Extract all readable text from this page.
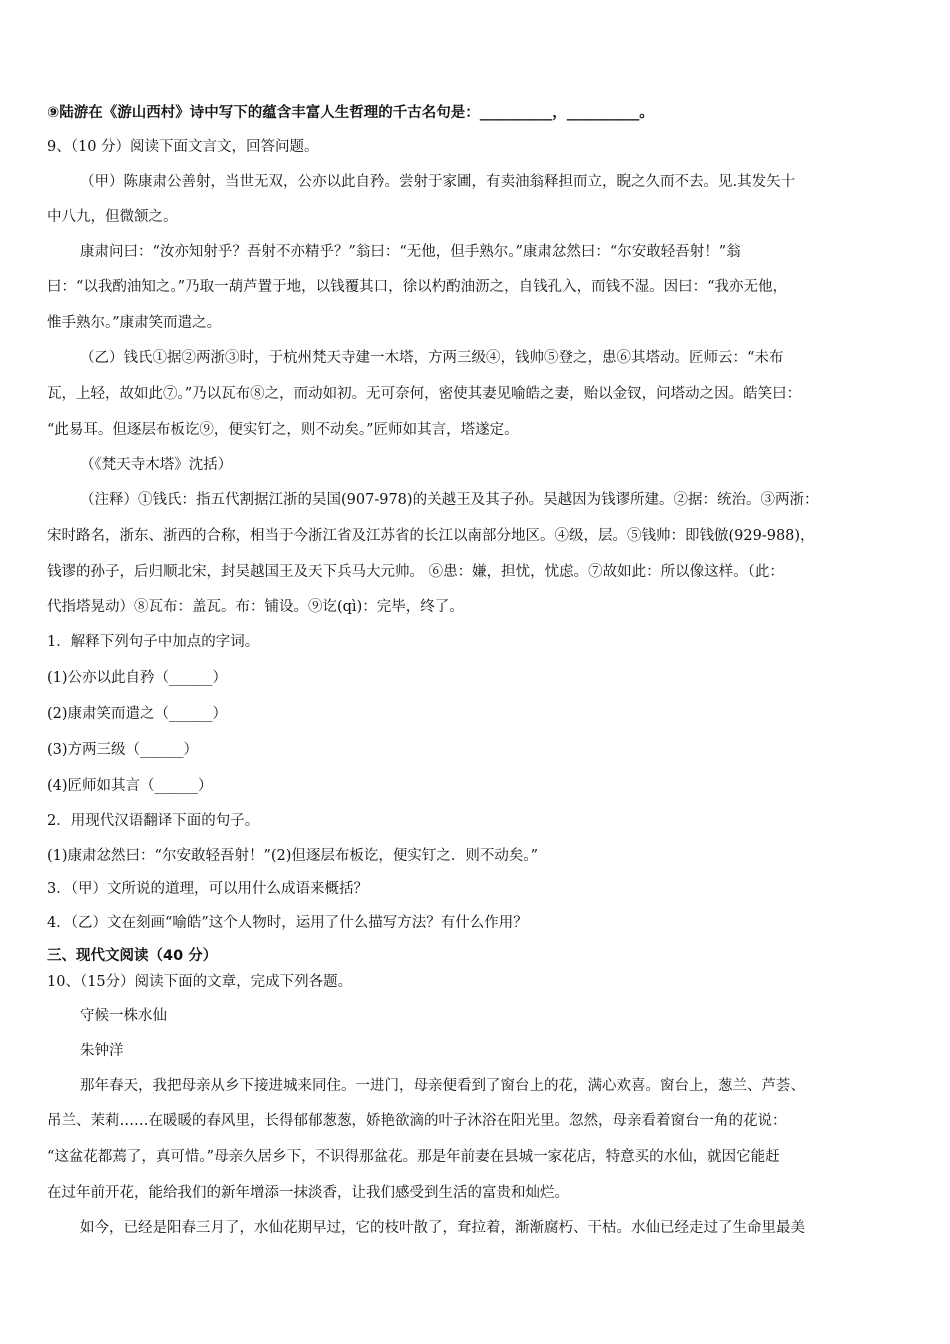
⑨陆游在《游山西村》诗中写下的蕴含丰富人生哲理的千古名句是：__________，__________。
9、（10 分）阅读下面文言文，回答问题。
（甲）陈康肃公善射，当世无双，公亦以此自矜。尝射于家圃，有卖油翁释担而立，睨之久而不去。见.其发矢十
中八九，但微颔之。
康肃问曰：“汝亦知射乎？吾射不亦精乎？”翁曰：“无他，但手熟尔。”康肃忿然曰：“尔安敢轻吾射！”翁
曰：“以我酌油知之。”乃取一葫芦置于地，以钱覆其口，徐以杓酌油沥之，自钱孔入，而钱不湿。因曰：“我亦无他，
惟手熟尔。”康肃笑而遣之。
（乙）钱氏①据②两浙③时，于杭州梵天寺建一木塔，方两三级④，钱帅⑤登之，患⑥其塔动。匠师云：“未布
瓦，上轻，故如此⑦。”乃以瓦布⑧之，而动如初。无可奈何，密使其妻见喻皓之妻，贻以金钗，问塔动之因。皓笑曰：
“此易耳。但逐层布板讫⑨，便实钉之，则不动矣。”匠师如其言，塔遂定。
（《梵天寺木塔》沈括）
（注释）①钱氏：指五代割据江浙的吴国(907-978)的关越王及其子孙。吴越因为钱谬所建。②据：统治。③两浙：
宋时路名，浙东、浙西的合称，相当于今浙江省及江苏省的长江以南部分地区。④级，层。⑤钱帅：即钱倣(929-988)，
钱谬的孙子，后归顺北宋，封吴越国王及天下兵马大元帅。 ⑥患：嫌，担忧，忧虑。⑦故如此：所以像这样。（此：
代指塔晃动）⑧瓦布：盖瓦。布：铺设。⑨讫(qì)：完毕，终了。
1．解释下列句子中加点的字词。
(1)公亦以此自矜（______）
(2)康肃笑而遣之（______）
(3)方两三级（______）
(4)匠师如其言（______）
2．用现代汉语翻译下面的句子。
(1)康肃忿然曰：“尔安敢轻吾射！”(2)但逐层布板讫，便实钉之．则不动矣。”
3．（甲）文所说的道理，可以用什么成语来概括？
4．（乙）文在刻画“喻皓”这个人物时，运用了什么描写方法？有什么作用？
三、现代文阅读（40 分）
10、（15分）阅读下面的文章，完成下列各题。
守候一株水仙
朱钟洋
那年春天，我把母亲从乡下接进城来同住。一进门，母亲便看到了窗台上的花，满心欢喜。窗台上，葱兰、芦荟、
吊兰、茉莉……在暖暖的春风里，长得郁郁葱葱，娇艳欲滴的叶子沐浴在阳光里。忽然，母亲看着窗台一角的花说：
“这盆花都蔫了，真可惜。”母亲久居乡下，不识得那盆花。那是年前妻在县城一家花店，特意买的水仙，就因它能赶
在过年前开花，能给我们的新年增添一抹淡香，让我们感受到生活的富贵和灿烂。
如今，已经是阳春三月了，水仙花期早过，它的枝叶散了，耷拉着，渐渐腐朽、干枯。水仙已经走过了生命里最美
